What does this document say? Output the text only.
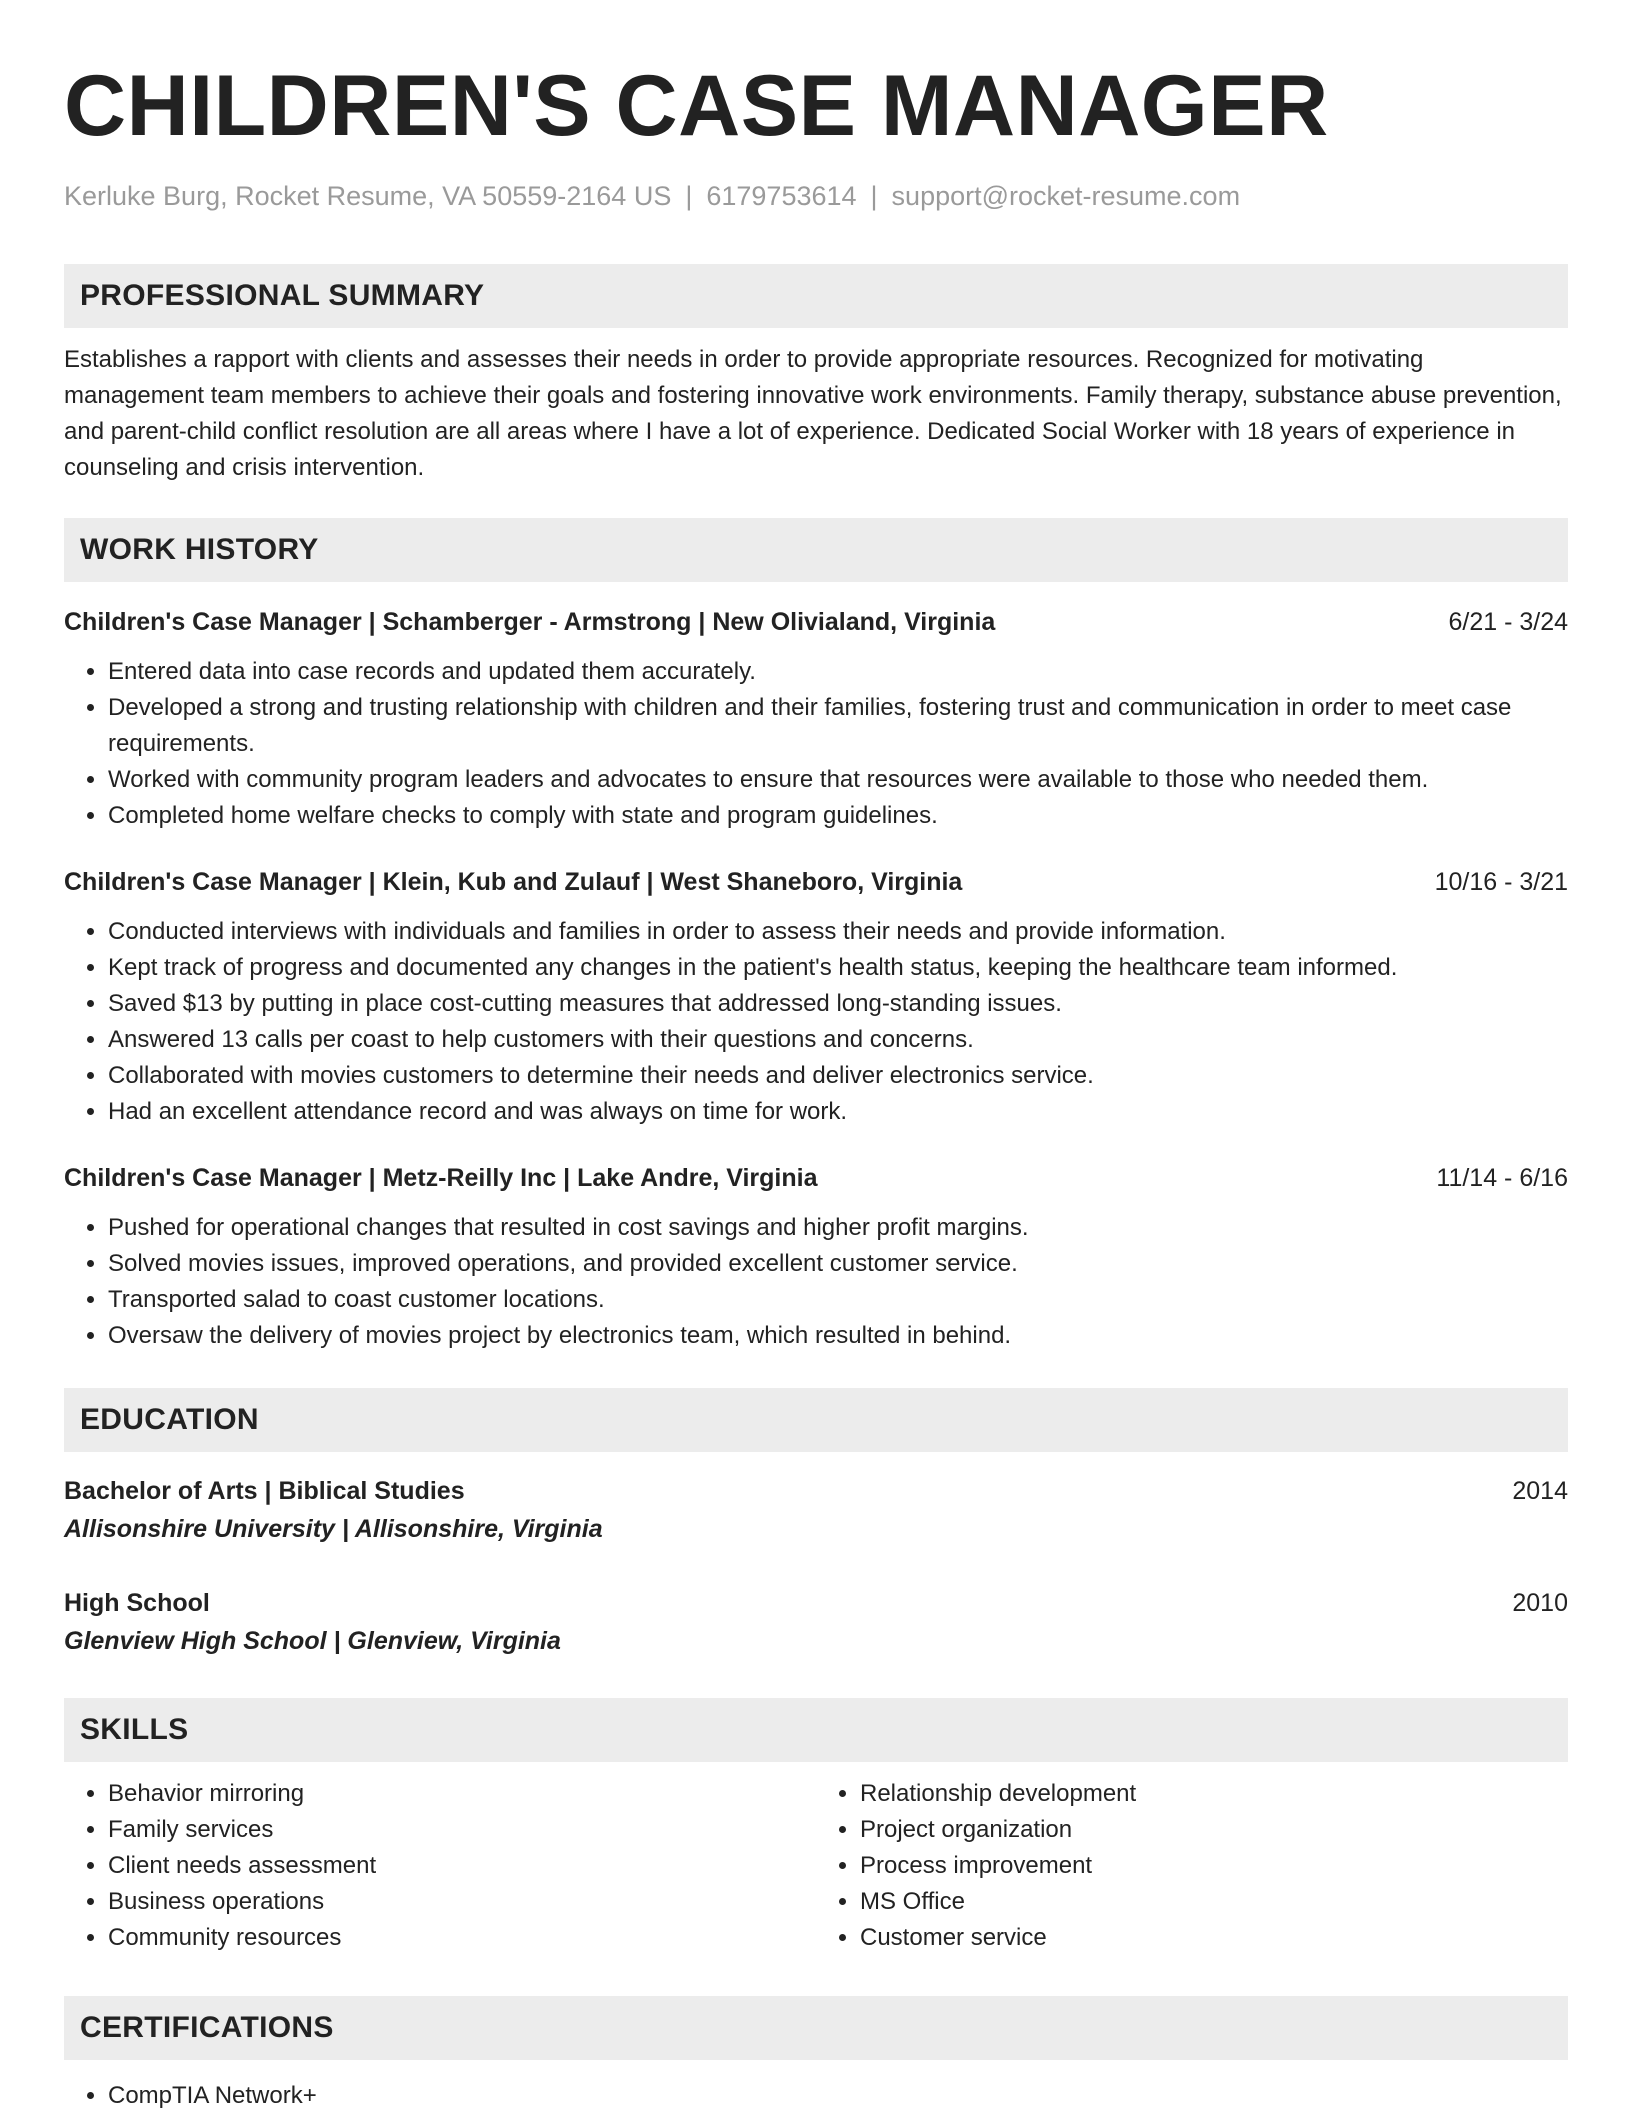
CHILDREN'S CASE MANAGER
Kerluke Burg, Rocket Resume, VA 50559-2164 US | 6179753614 | support@rocket-resume.com
PROFESSIONAL SUMMARY
Establishes a rapport with clients and assesses their needs in order to provide appropriate resources. Recognized for motivating management team members to achieve their goals and fostering innovative work environments. Family therapy, substance abuse prevention, and parent-child conflict resolution are all areas where I have a lot of experience. Dedicated Social Worker with 18 years of experience in counseling and crisis intervention.
WORK HISTORY
Children's Case Manager | Schamberger - Armstrong | New Olivialand, Virginia	6/21 - 3/24
• Entered data into case records and updated them accurately.
• Developed a strong and trusting relationship with children and their families, fostering trust and communication in order to meet case requirements.
• Worked with community program leaders and advocates to ensure that resources were available to those who needed them.
• Completed home welfare checks to comply with state and program guidelines.
Children's Case Manager | Klein, Kub and Zulauf | West Shaneboro, Virginia	10/16 - 3/21
• Conducted interviews with individuals and families in order to assess their needs and provide information.
• Kept track of progress and documented any changes in the patient's health status, keeping the healthcare team informed.
• Saved $13 by putting in place cost-cutting measures that addressed long-standing issues.
• Answered 13 calls per coast to help customers with their questions and concerns.
• Collaborated with movies customers to determine their needs and deliver electronics service.
• Had an excellent attendance record and was always on time for work.
Children's Case Manager | Metz-Reilly Inc | Lake Andre, Virginia	11/14 - 6/16
• Pushed for operational changes that resulted in cost savings and higher profit margins.
• Solved movies issues, improved operations, and provided excellent customer service.
• Transported salad to coast customer locations.
• Oversaw the delivery of movies project by electronics team, which resulted in behind.
EDUCATION
Bachelor of Arts | Biblical Studies	2014
Allisonshire University | Allisonshire, Virginia
High School	2010
Glenview High School | Glenview, Virginia
SKILLS
• Behavior mirroring
• Family services
• Client needs assessment
• Business operations
• Community resources
• Relationship development
• Project organization
• Process improvement
• MS Office
• Customer service
CERTIFICATIONS
• CompTIA Network+
